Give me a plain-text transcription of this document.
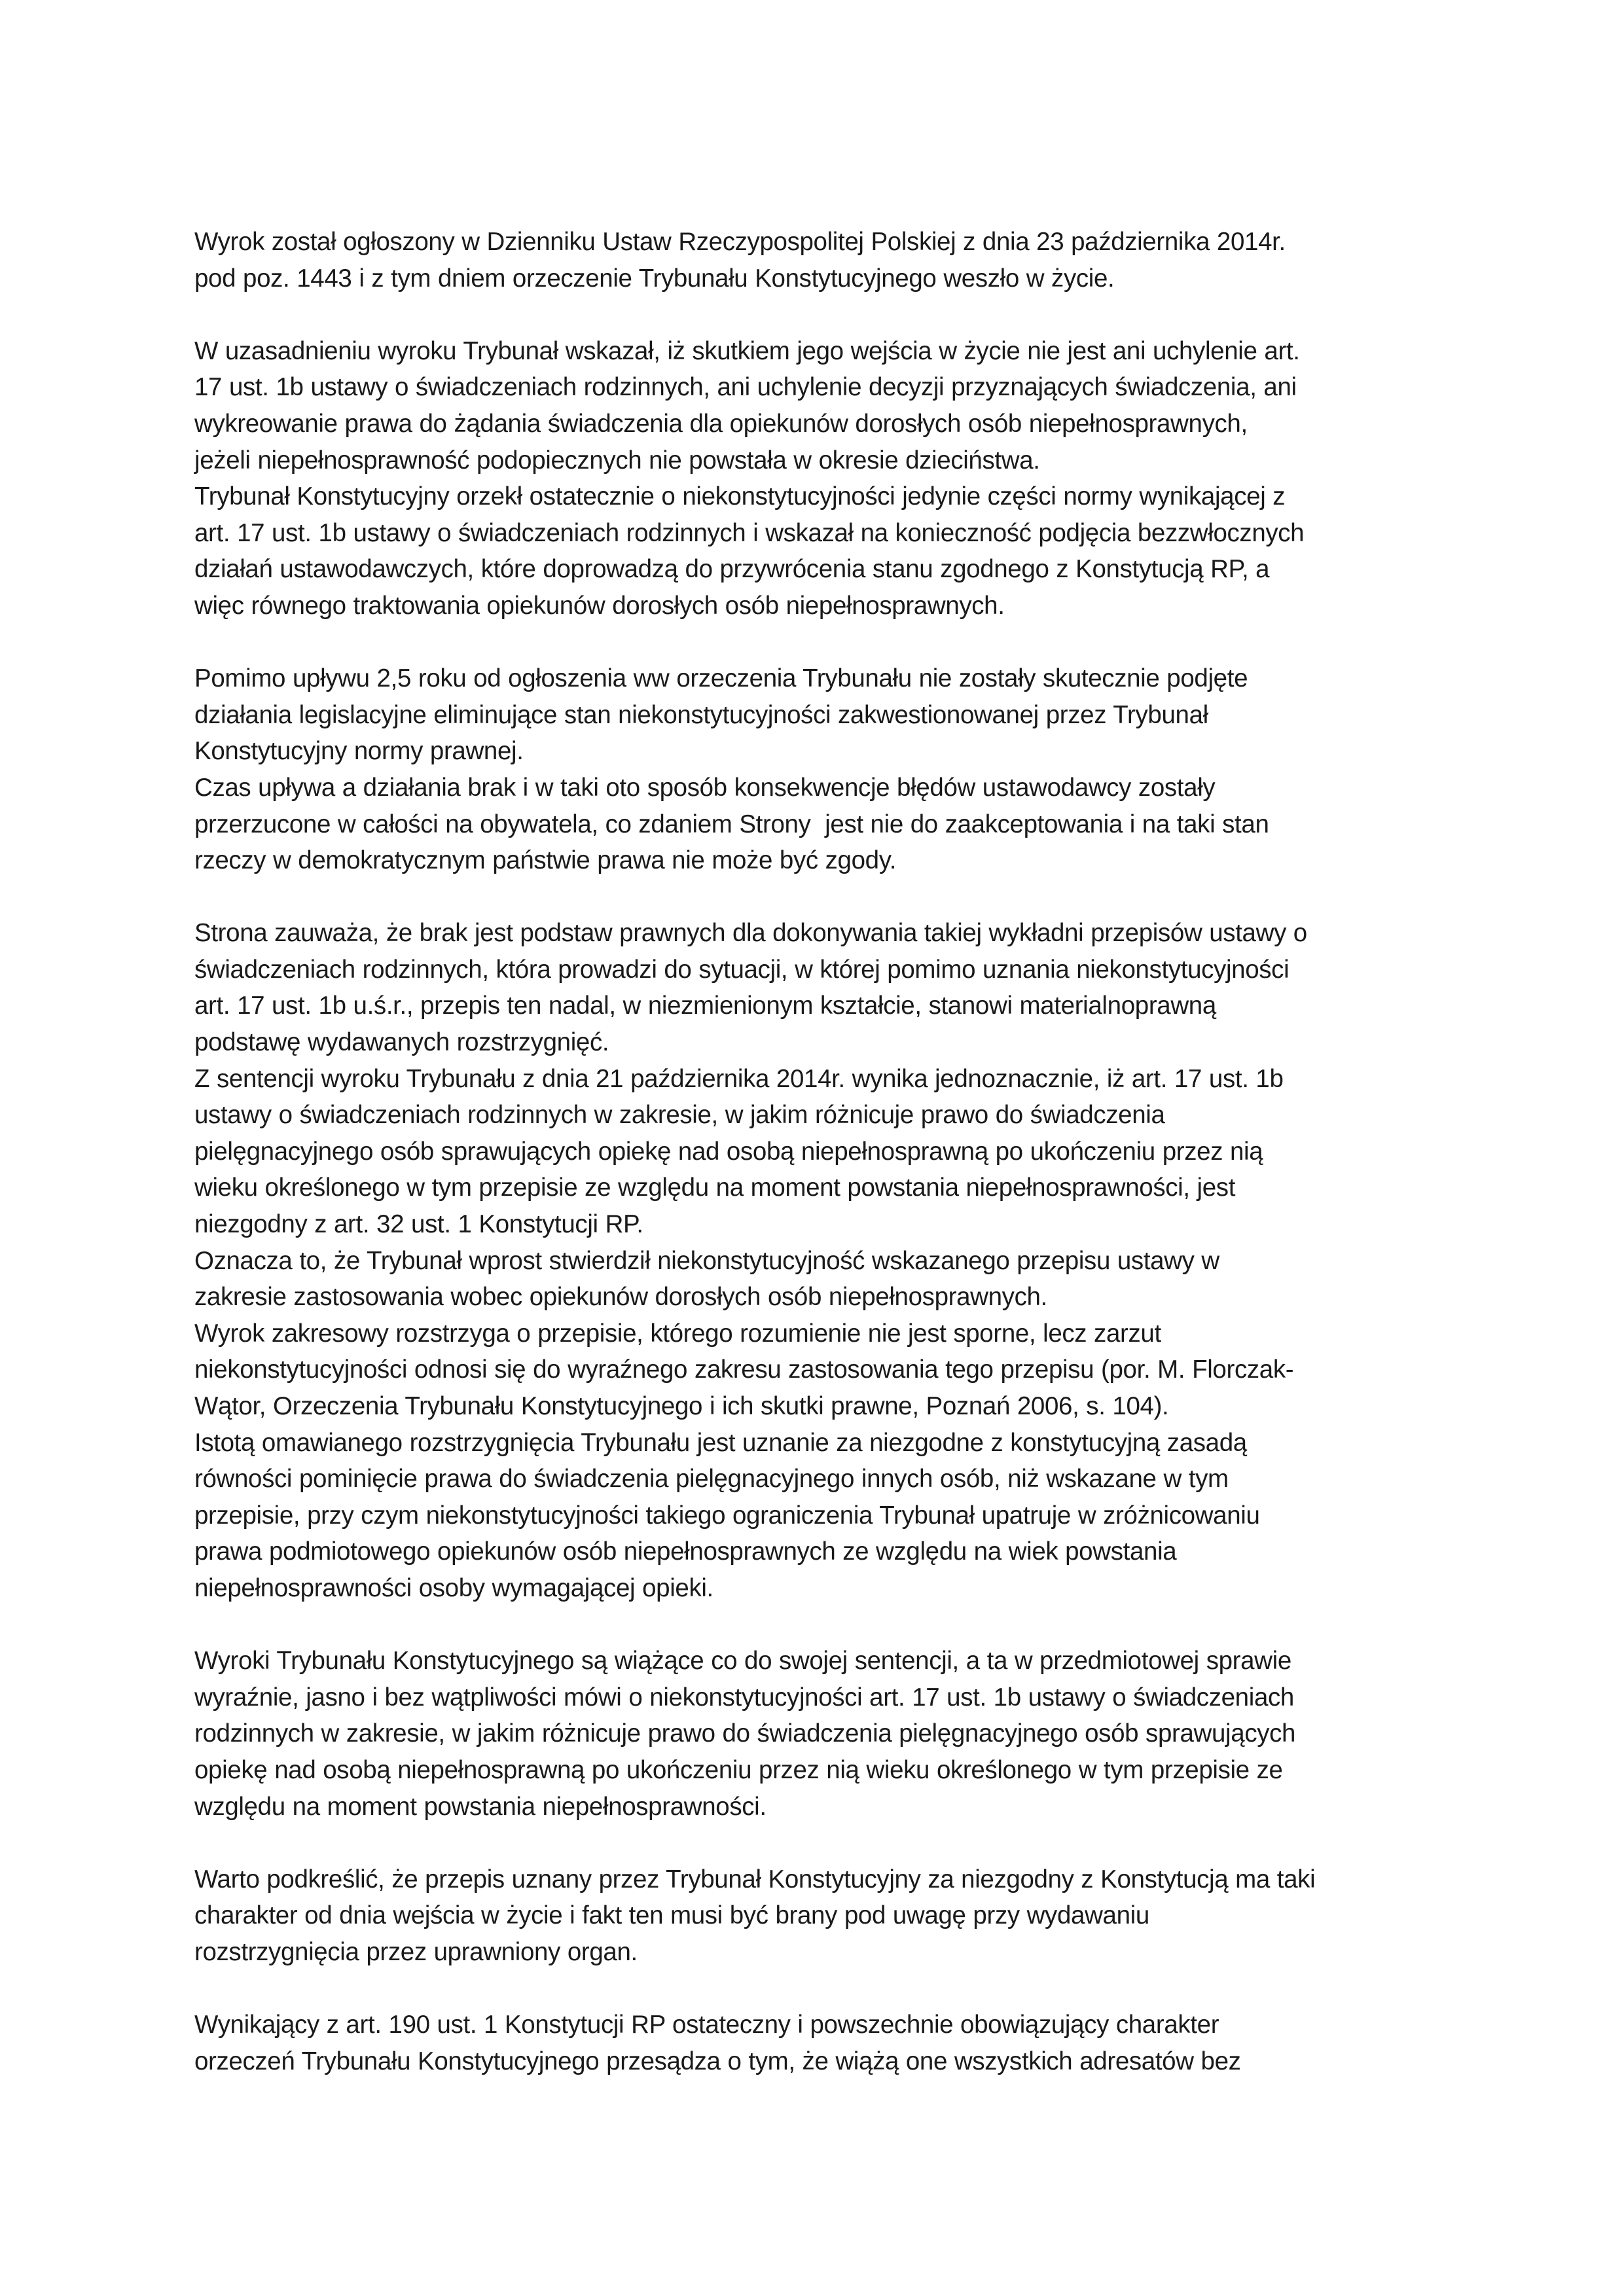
Wyrok został ogłoszony w Dzienniku Ustaw Rzeczypospolitej Polskiej z dnia 23 października 2014r.
pod poz. 1443 i z tym dniem orzeczenie Trybunału Konstytucyjnego weszło w życie.
W uzasadnieniu wyroku Trybunał wskazał, iż skutkiem jego wejścia w życie nie jest ani uchylenie art.
17 ust. 1b ustawy o świadczeniach rodzinnych, ani uchylenie decyzji przyznających świadczenia, ani
wykreowanie prawa do żądania świadczenia dla opiekunów dorosłych osób niepełnosprawnych,
jeżeli niepełnosprawność podopiecznych nie powstała w okresie dzieciństwa.
Trybunał Konstytucyjny orzekł ostatecznie o niekonstytucyjności jedynie części normy wynikającej z
art. 17 ust. 1b ustawy o świadczeniach rodzinnych i wskazał na konieczność podjęcia bezzwłocznych
działań ustawodawczych, które doprowadzą do przywrócenia stanu zgodnego z Konstytucją RP, a
więc równego traktowania opiekunów dorosłych osób niepełnosprawnych.
Pomimo upływu 2,5 roku od ogłoszenia ww orzeczenia Trybunału nie zostały skutecznie podjęte
działania legislacyjne eliminujące stan niekonstytucyjności zakwestionowanej przez Trybunał
Konstytucyjny normy prawnej.
Czas upływa a działania brak i w taki oto sposób konsekwencje błędów ustawodawcy zostały
przerzucone w całości na obywatela, co zdaniem Strony  jest nie do zaakceptowania i na taki stan
rzeczy w demokratycznym państwie prawa nie może być zgody.
Strona zauważa, że brak jest podstaw prawnych dla dokonywania takiej wykładni przepisów ustawy o
świadczeniach rodzinnych, która prowadzi do sytuacji, w której pomimo uznania niekonstytucyjności
art. 17 ust. 1b u.ś.r., przepis ten nadal, w niezmienionym kształcie, stanowi materialnoprawną
podstawę wydawanych rozstrzygnięć.
Z sentencji wyroku Trybunału z dnia 21 października 2014r. wynika jednoznacznie, iż art. 17 ust. 1b
ustawy o świadczeniach rodzinnych w zakresie, w jakim różnicuje prawo do świadczenia
pielęgnacyjnego osób sprawujących opiekę nad osobą niepełnosprawną po ukończeniu przez nią
wieku określonego w tym przepisie ze względu na moment powstania niepełnosprawności, jest
niezgodny z art. 32 ust. 1 Konstytucji RP.
Oznacza to, że Trybunał wprost stwierdził niekonstytucyjność wskazanego przepisu ustawy w
zakresie zastosowania wobec opiekunów dorosłych osób niepełnosprawnych.
Wyrok zakresowy rozstrzyga o przepisie, którego rozumienie nie jest sporne, lecz zarzut
niekonstytucyjności odnosi się do wyraźnego zakresu zastosowania tego przepisu (por. M. Florczak-
Wątor, Orzeczenia Trybunału Konstytucyjnego i ich skutki prawne, Poznań 2006, s. 104).
Istotą omawianego rozstrzygnięcia Trybunału jest uznanie za niezgodne z konstytucyjną zasadą
równości pominięcie prawa do świadczenia pielęgnacyjnego innych osób, niż wskazane w tym
przepisie, przy czym niekonstytucyjności takiego ograniczenia Trybunał upatruje w zróżnicowaniu
prawa podmiotowego opiekunów osób niepełnosprawnych ze względu na wiek powstania
niepełnosprawności osoby wymagającej opieki.
Wyroki Trybunału Konstytucyjnego są wiążące co do swojej sentencji, a ta w przedmiotowej sprawie
wyraźnie, jasno i bez wątpliwości mówi o niekonstytucyjności art. 17 ust. 1b ustawy o świadczeniach
rodzinnych w zakresie, w jakim różnicuje prawo do świadczenia pielęgnacyjnego osób sprawujących
opiekę nad osobą niepełnosprawną po ukończeniu przez nią wieku określonego w tym przepisie ze
względu na moment powstania niepełnosprawności.
Warto podkreślić, że przepis uznany przez Trybunał Konstytucyjny za niezgodny z Konstytucją ma taki
charakter od dnia wejścia w życie i fakt ten musi być brany pod uwagę przy wydawaniu
rozstrzygnięcia przez uprawniony organ.
Wynikający z art. 190 ust. 1 Konstytucji RP ostateczny i powszechnie obowiązujący charakter
orzeczeń Trybunału Konstytucyjnego przesądza o tym, że wiążą one wszystkich adresatów bez
